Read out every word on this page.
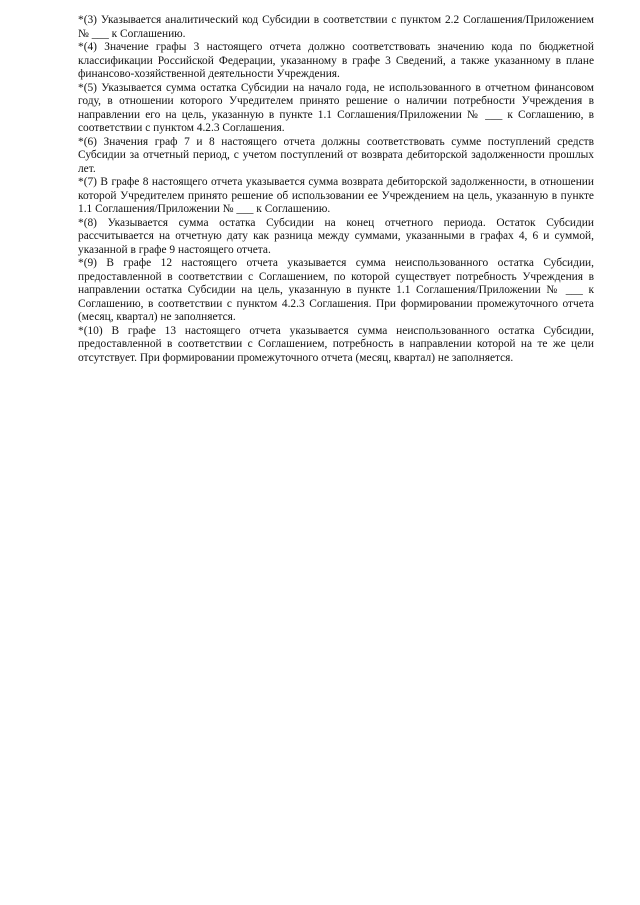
*(3) Указывается аналитический код Субсидии в соответствии с пунктом 2.2 Соглашения/Приложением № ___ к Соглашению.

*(4) Значение графы 3 настоящего отчета должно соответствовать значению кода по бюджетной классификации Российской Федерации, указанному в графе 3 Сведений, а также указанному в плане финансово-хозяйственной деятельности Учреждения.

*(5) Указывается сумма остатка Субсидии на начало года, не использованного в отчетном финансовом году, в отношении которого Учредителем принято решение о наличии потребности Учреждения в направлении его на цель, указанную в пункте 1.1 Соглашения/Приложении № ___ к Соглашению, в соответствии с пунктом 4.2.3 Соглашения.

*(6) Значения граф 7 и 8 настоящего отчета должны соответствовать сумме поступлений средств Субсидии за отчетный период, с учетом поступлений от возврата дебиторской задолженности прошлых лет.

*(7) В графе 8 настоящего отчета указывается сумма возврата дебиторской задолженности, в отношении которой Учредителем принято решение об использовании ее Учреждением на цель, указанную в пункте 1.1 Соглашения/Приложении № ___ к Соглашению.

*(8) Указывается сумма остатка Субсидии на конец отчетного периода. Остаток Субсидии рассчитывается на отчетную дату как разница между суммами, указанными в графах 4, 6 и суммой, указанной в графе 9 настоящего отчета.

*(9) В графе 12 настоящего отчета указывается сумма неиспользованного остатка Субсидии, предоставленной в соответствии с Соглашением, по которой существует потребность Учреждения в направлении остатка Субсидии на цель, указанную в пункте 1.1 Соглашения/Приложении № ___ к Соглашению, в соответствии с пунктом 4.2.3 Соглашения. При формировании промежуточного отчета (месяц, квартал) не заполняется.

*(10) В графе 13 настоящего отчета указывается сумма неиспользованного остатка Субсидии, предоставленной в соответствии с Соглашением, потребность в направлении которой на те же цели отсутствует. При формировании промежуточного отчета (месяц, квартал) не заполняется.
